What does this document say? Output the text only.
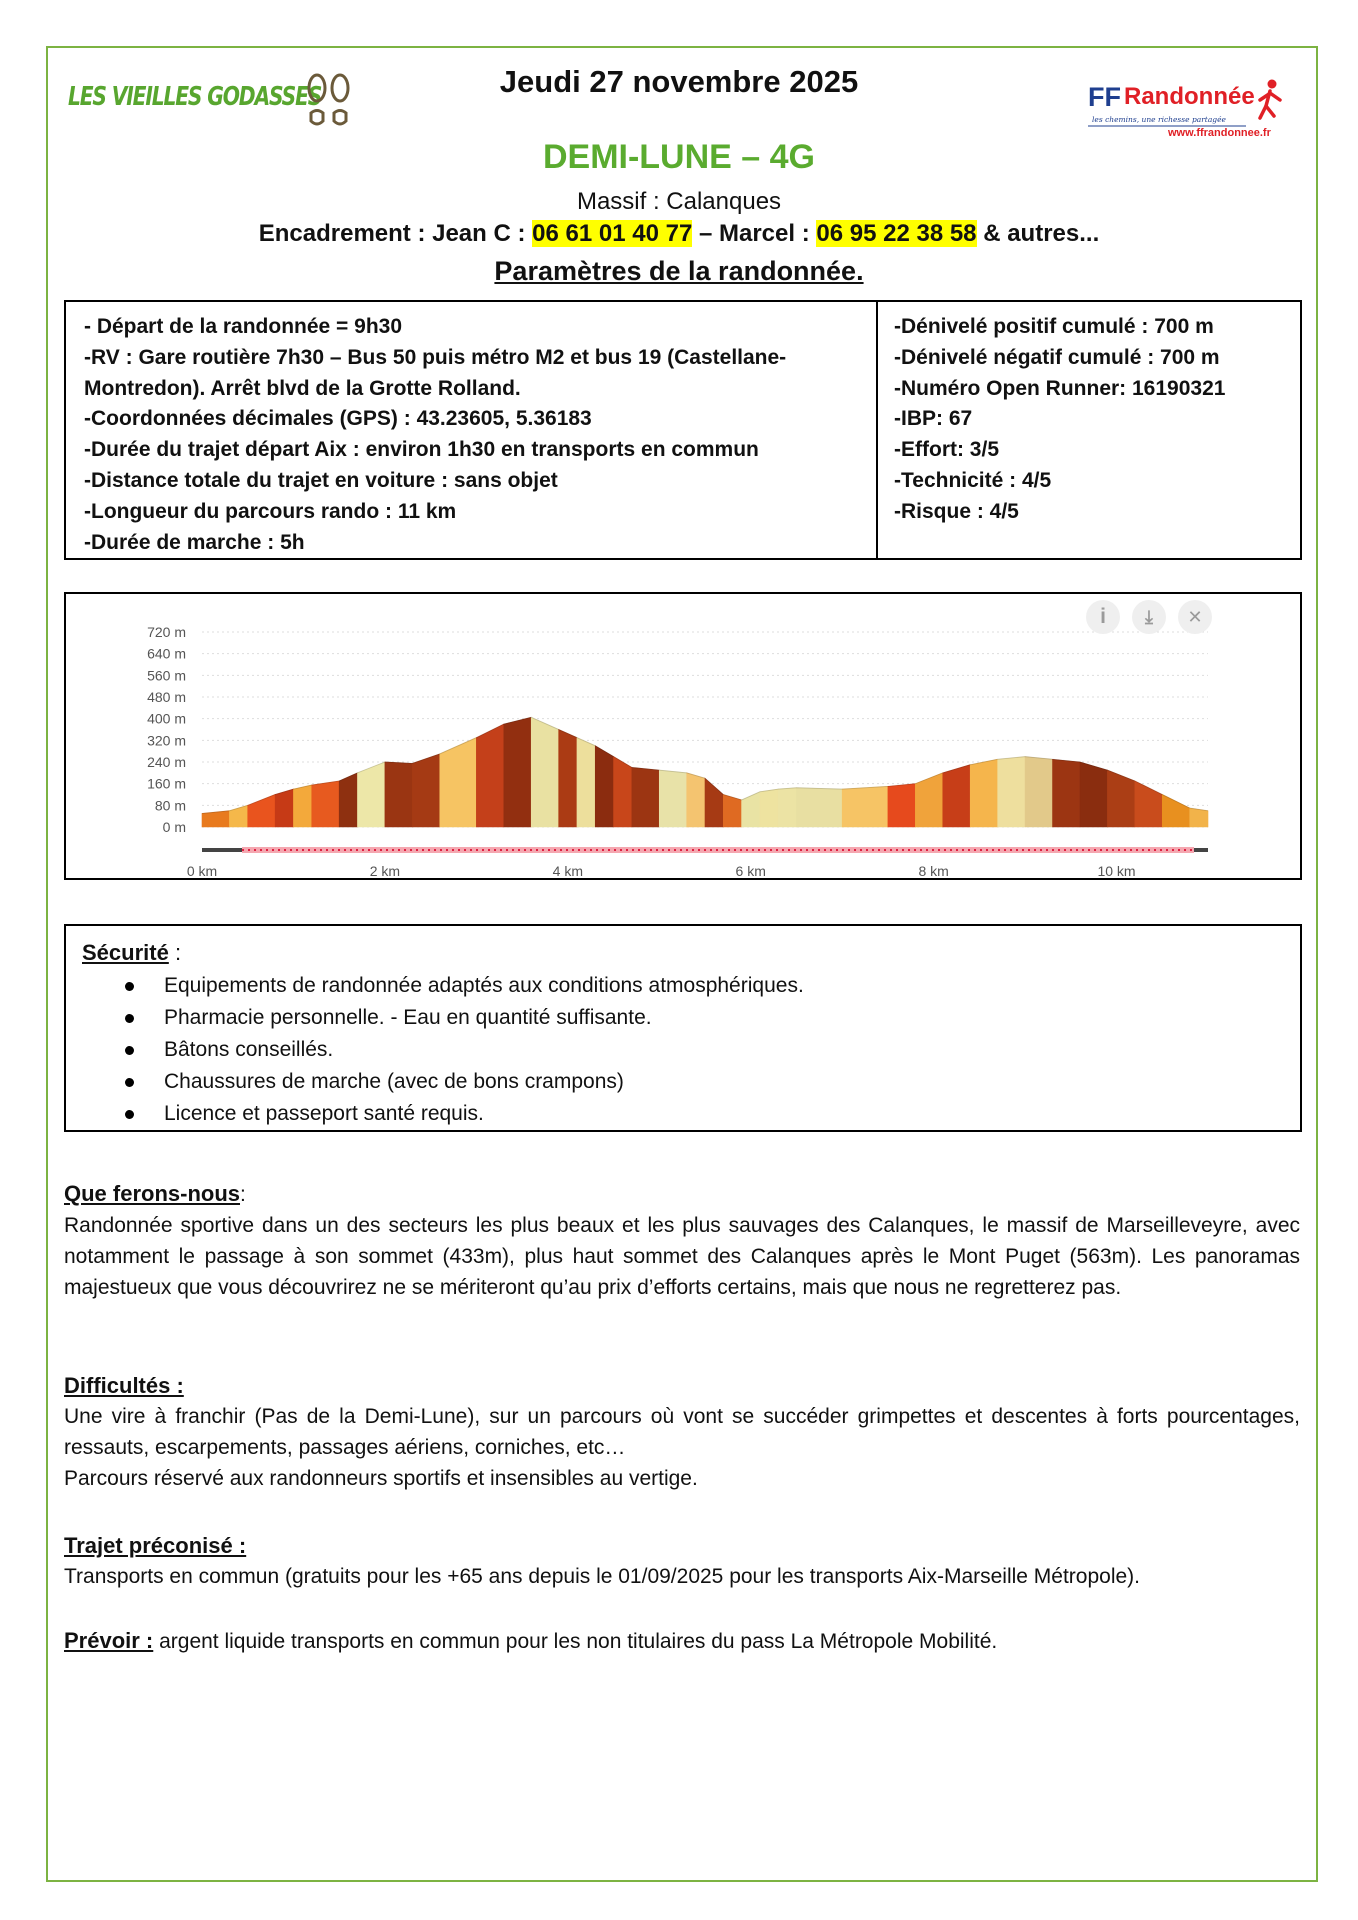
LES VIEILLES GODASSES	Jeudi 27 novembre 2025	FF Randonnée
les chemins, une richesse partagée
www.ffrandonnee.fr
DEMI-LUNE – 4G
Massif : Calanques
Encadrement : Jean C : 06 61 01 40 77 – Marcel : 06 95 22 38 58 & autres...
Paramètres de la randonnée.
- Départ de la randonnée = 9h30
-RV : Gare routière 7h30 – Bus 50 puis métro M2 et bus 19 (Castellane-
Montredon). Arrêt blvd de la Grotte Rolland.
-Coordonnées décimales (GPS) : 43.23605, 5.36183
-Durée du trajet départ Aix : environ 1h30 en transports en commun
-Distance totale du trajet en voiture : sans objet
-Longueur du parcours rando : 11 km
-Durée de marche : 5h
-Dénivelé positif cumulé : 700 m
-Dénivelé négatif cumulé : 700 m
-Numéro Open Runner: 16190321
-IBP: 67
-Effort: 3/5
-Technicité : 4/5
-Risque : 4/5
720 m
640 m
560 m
480 m
400 m
320 m
240 m
160 m
80 m
0 m
0 km	2 km	4 km	6 km	8 km	10 km
i	⤓	✕
Sécurité :
Equipements de randonnée adaptés aux conditions atmosphériques.
Pharmacie personnelle. - Eau en quantité suffisante.
Bâtons conseillés.
Chaussures de marche (avec de bons crampons)
Licence et passeport santé requis.
Que ferons-nous:
Randonnée sportive dans un des secteurs les plus beaux et les plus sauvages des Calanques, le massif de Marseilleveyre, avec notamment le passage à son sommet (433m), plus haut sommet des Calanques après le Mont Puget (563m). Les panoramas majestueux que vous découvrirez ne se mériteront qu’au prix d’efforts certains, mais que nous ne regretterez pas.
Difficultés :
Une vire à franchir (Pas de la Demi-Lune), sur un parcours où vont se succéder grimpettes et descentes à forts pourcentages, ressauts, escarpements, passages aériens, corniches, etc…
Parcours réservé aux randonneurs sportifs et insensibles au vertige.
Trajet préconisé :
Transports en commun (gratuits pour les +65 ans depuis le 01/09/2025 pour les transports Aix-Marseille Métropole).
Prévoir : argent liquide transports en commun pour les non titulaires du pass La Métropole Mobilité.
